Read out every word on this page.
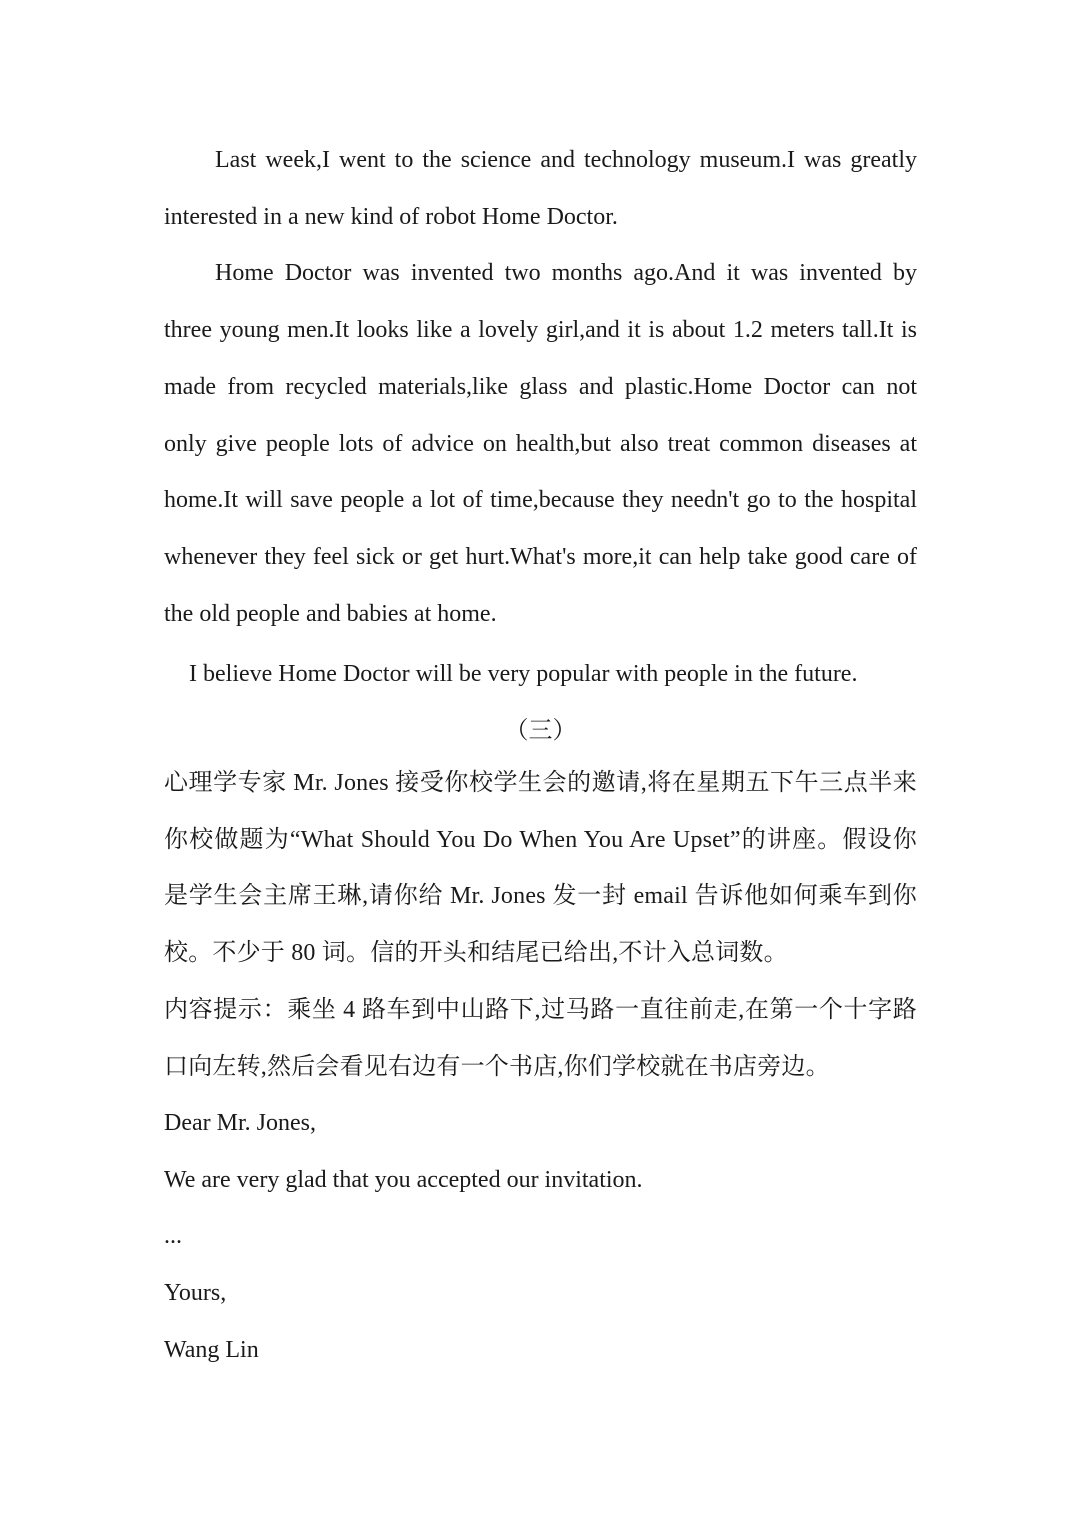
Last week,I went to the science and technology museum.I was greatly interested in a new kind of robot Home Doctor.

Home Doctor was invented two months ago.And it was invented by three young men.It looks like a lovely girl,and it is about 1.2 meters tall.It is made from recycled materials,like glass and plastic.Home Doctor can not only give people lots of advice on health,but also treat common diseases at home.It will save people a lot of time,because they needn't go to the hospital whenever they feel sick or get hurt.What's more,it can help take good care of the old people and babies at home.

I believe Home Doctor will be very popular with people in the future.

（三）

心理学专家 Mr. Jones 接受你校学生会的邀请,将在星期五下午三点半来你校做题为“What Should You Do When You Are Upset”的讲座。假设你是学生会主席王琳,请你给 Mr. Jones 发一封 email 告诉他如何乘车到你校。不少于 80 词。信的开头和结尾已给出,不计入总词数。

内容提示：乘坐 4 路车到中山路下,过马路一直往前走,在第一个十字路口向左转,然后会看见右边有一个书店,你们学校就在书店旁边。

Dear Mr. Jones,

We are very glad that you accepted our invitation.

...

Yours,

Wang Lin
